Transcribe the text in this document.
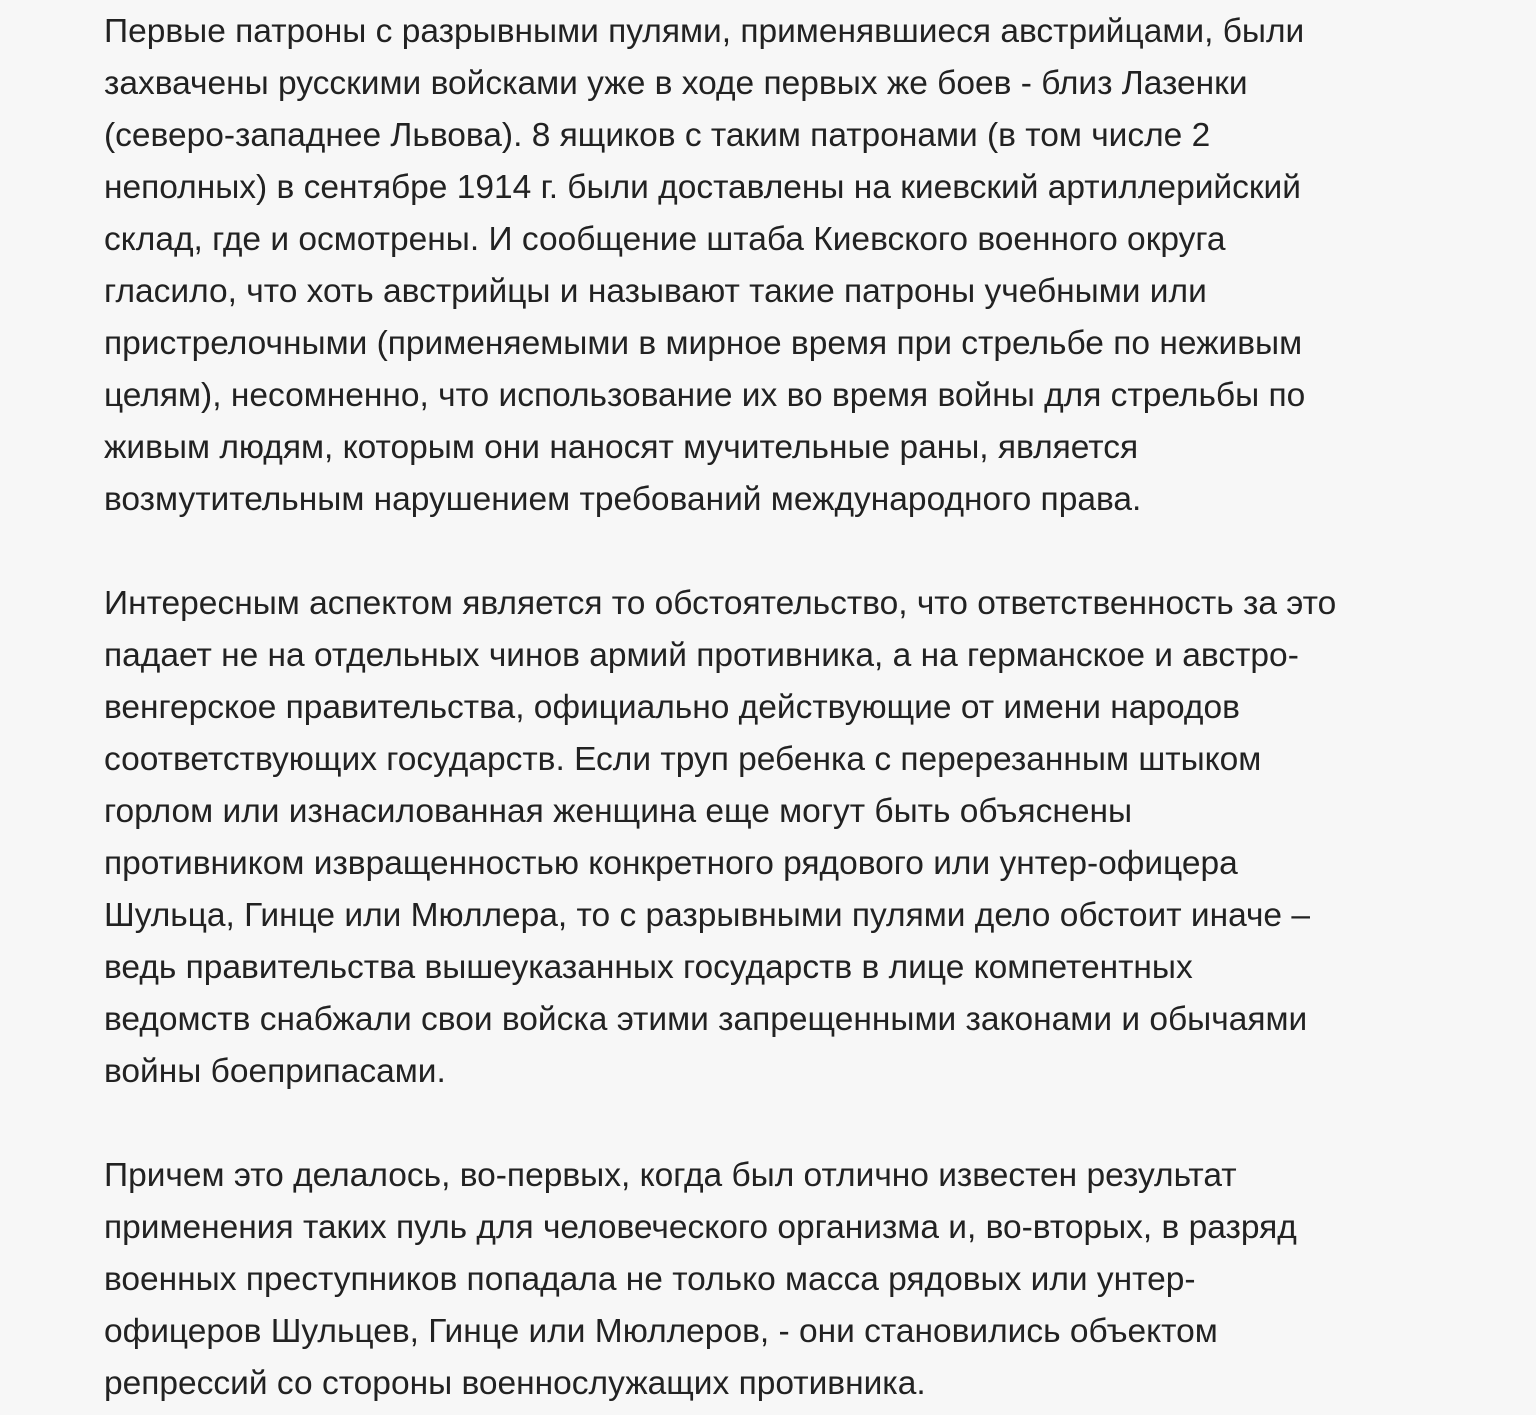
Первые патроны с разрывными пулями, применявшиеся австрийцами, были
захвачены русскими войсками уже в ходе первых же боев - близ Лазенки
(северо-западнее Львова). 8 ящиков с таким патронами (в том числе 2
неполных) в сентябре 1914 г. были доставлены на киевский артиллерийский
склад, где и осмотрены. И сообщение штаба Киевского военного округа
гласило, что хоть австрийцы и называют такие патроны учебными или
пристрелочными (применяемыми в мирное время при стрельбе по неживым
целям), несомненно, что использование их во время войны для стрельбы по
живым людям, которым они наносят мучительные раны, является
возмутительным нарушением требований международного права.

Интересным аспектом является то обстоятельство, что ответственность за это
падает не на отдельных чинов армий противника, а на германское и австро-
венгерское правительства, официально действующие от имени народов
соответствующих государств. Если труп ребенка с перерезанным штыком
горлом или изнасилованная женщина еще могут быть объяснены
противником извращенностью конкретного рядового или унтер-офицера
Шульца, Гинце или Мюллера, то с разрывными пулями дело обстоит иначе –
ведь правительства вышеуказанных государств в лице компетентных
ведомств снабжали свои войска этими запрещенными законами и обычаями
войны боеприпасами.

Причем это делалось, во-первых, когда был отлично известен результат
применения таких пуль для человеческого организма и, во-вторых, в разряд
военных преступников попадала не только масса рядовых или унтер-
офицеров Шульцев, Гинце или Мюллеров, - они становились объектом
репрессий со стороны военнослужащих противника.
